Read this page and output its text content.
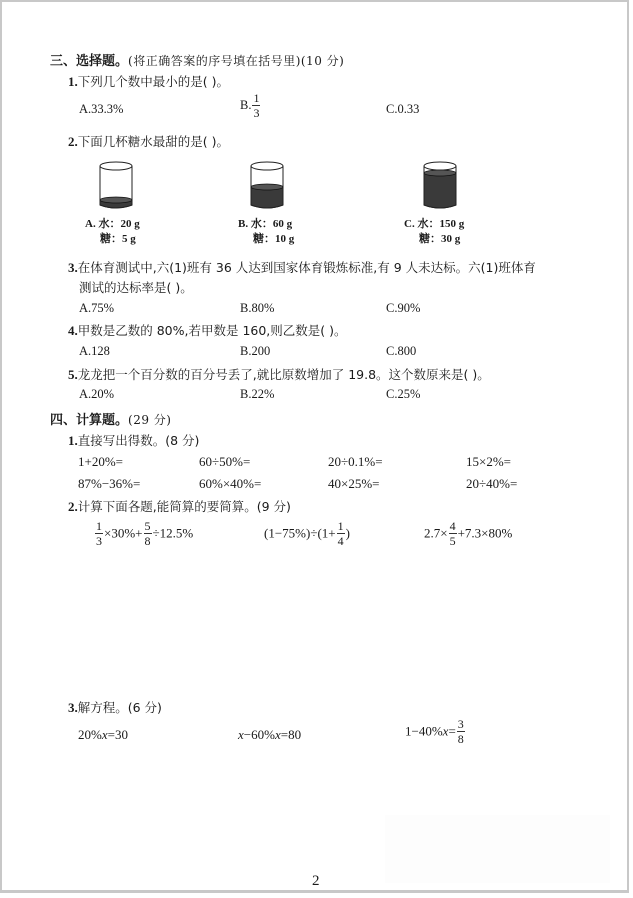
三、选择题。(将正确答案的序号填在括号里)(10 分)
1.下列几个数中最小的是( )。
A.33.3%	B. $\frac{1}{3}$	C.0.33
2.下面几杯糖水最甜的是( )。
A. 水：20 g
糖：5 g
B. 水：60 g
糖：10 g
C. 水：150 g
糖：30 g
3.在体育测试中,六(1)班有 36 人达到国家体育锻炼标准,有 9 人未达标。六(1)班体育
测试的达标率是( )。
A.75%	B.80%	C.90%
4.甲数是乙数的 80%,若甲数是 160,则乙数是( )。
A.128	B.200	C.800
5.龙龙把一个百分数的百分号丢了,就比原数增加了 19.8。这个数原来是( )。
A.20%	B.22%	C.25%
四、计算题。(29 分)
1.直接写出得数。(8 分)
1+20%=	60÷50%=	20÷0.1%=	15×2%=
87%−36%=	60%×40%=	40×25%=	20÷40%=
2.计算下面各题,能简算的要简算。(9 分)
$\frac{1}{3} \times 30\%+ \frac{5}{8} \div 12.5\%$	$(1-75\%)\div(1+ \frac{1}{4}$ )	$2.7\times \frac{4}{5} +7.3\times 80\%$
3.解方程。(6 分)
20%x=30	x−60%x=80	$1-40\%x= \frac{3}{8}$
2
